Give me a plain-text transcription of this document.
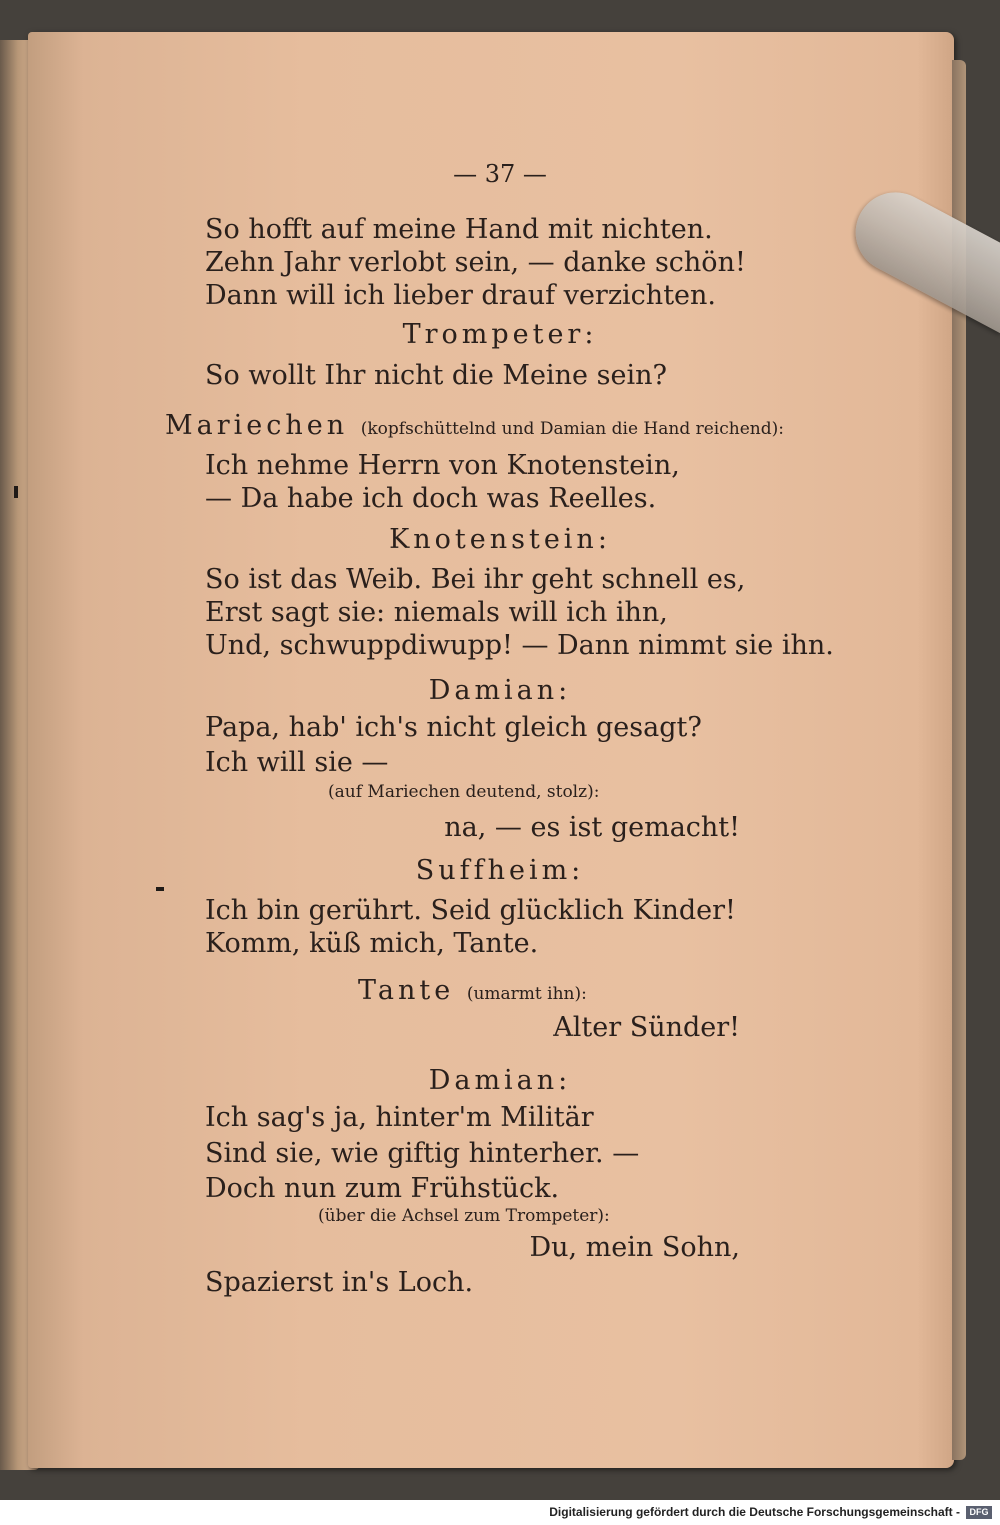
— 37 —
So hofft auf meine Hand mit nichten.
Zehn Jahr verlobt sein, — danke schön!
Dann will ich lieber drauf verzichten.
Trompeter:
So wollt Ihr nicht die Meine sein?
Mariechen (kopfschüttelnd und Damian die Hand reichend):
Ich nehme Herrn von Knotenstein,
— Da habe ich doch was Reelles.
Knotenstein:
So ist das Weib. Bei ihr geht schnell es,
Erst sagt sie: niemals will ich ihn,
Und, schwuppdiwupp! — Dann nimmt sie ihn.
Damian:
Papa, hab' ich's nicht gleich gesagt?
Ich will sie —
(auf Mariechen deutend, stolz):
na, — es ist gemacht!
Suffheim:
Ich bin gerührt. Seid glücklich Kinder!
Komm, küß mich, Tante.
Tante (umarmt ihn):
Alter Sünder!
Damian:
Ich sag's ja, hinter'm Militär
Sind sie, wie giftig hinterher. —
Doch nun zum Frühstück.
(über die Achsel zum Trompeter):
Du, mein Sohn,
Spazierst in's Loch.
Digitalisierung gefördert durch die Deutsche Forschungsgemeinschaft -	DFG
